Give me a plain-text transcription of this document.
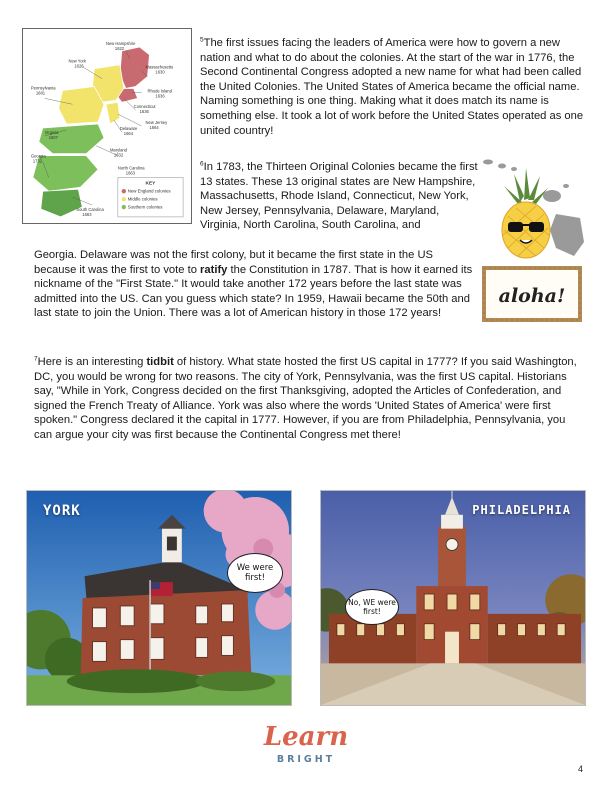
New Hampshire
1622
New York
1626	Massachusetts
1630
Pennsylvania
1681	Rhode Island
1636
Connecticut
1636
New Jersey
1664
Virginia
1607
Delaware
1664
Maryland
1632
Georgia
1732
North Carolina
1663
South Carolina
1663
KEY
New England colonies
Middle colonies
Southern colonies

$^5$The first issues facing the leaders of America were how to govern a new nation and what to do about the colonies. At the start of the war in 1776, the Second Continental Congress adopted a new name for what had been called the United Colonies. The United States of America became the official name. Naming something is one thing. Making what it does match its name is something else. It took a lot of work before the United States operated as one united country!

$^6$In 1783, the Thirteen Original Colonies became the first 13 states. These 13 original states are New Hampshire, Massachusetts, Rhode Island, Connecticut, New York, New Jersey, Pennsylvania, Delaware, Maryland, Virginia, North Carolina, South Carolina, and

Georgia. Delaware was not the first colony, but it became the first state in the US because it was the first to vote to ratify the Constitution in 1787. That is how it earned its nickname of the "First State." It would take another 172 years before the last state was admitted into the US. Can you guess which state? In 1959, Hawaii became the 50th and last state to join the Union. There was a lot of American history in those 172 years!

aloha!

$^7$Here is an interesting tidbit of history. What state hosted the first US capital in 1777? If you said Washington, DC, you would be wrong for two reasons. The city of York, Pennsylvania, was the first US capital. Historians say, "While in York, Congress decided on the first Thanksgiving, adopted the Articles of Confederation, and signed the French Treaty of Alliance. York was also where the words 'United States of America' were first spoken." Congress declared it the capital in 1777. However, if you are from Philadelphia, Pennsylvania, you can argue your city was first because the Continental Congress met there!

YORK
We were first!
PHILADELPHIA
No, WE were first!
Learn
BRIGHT
4
